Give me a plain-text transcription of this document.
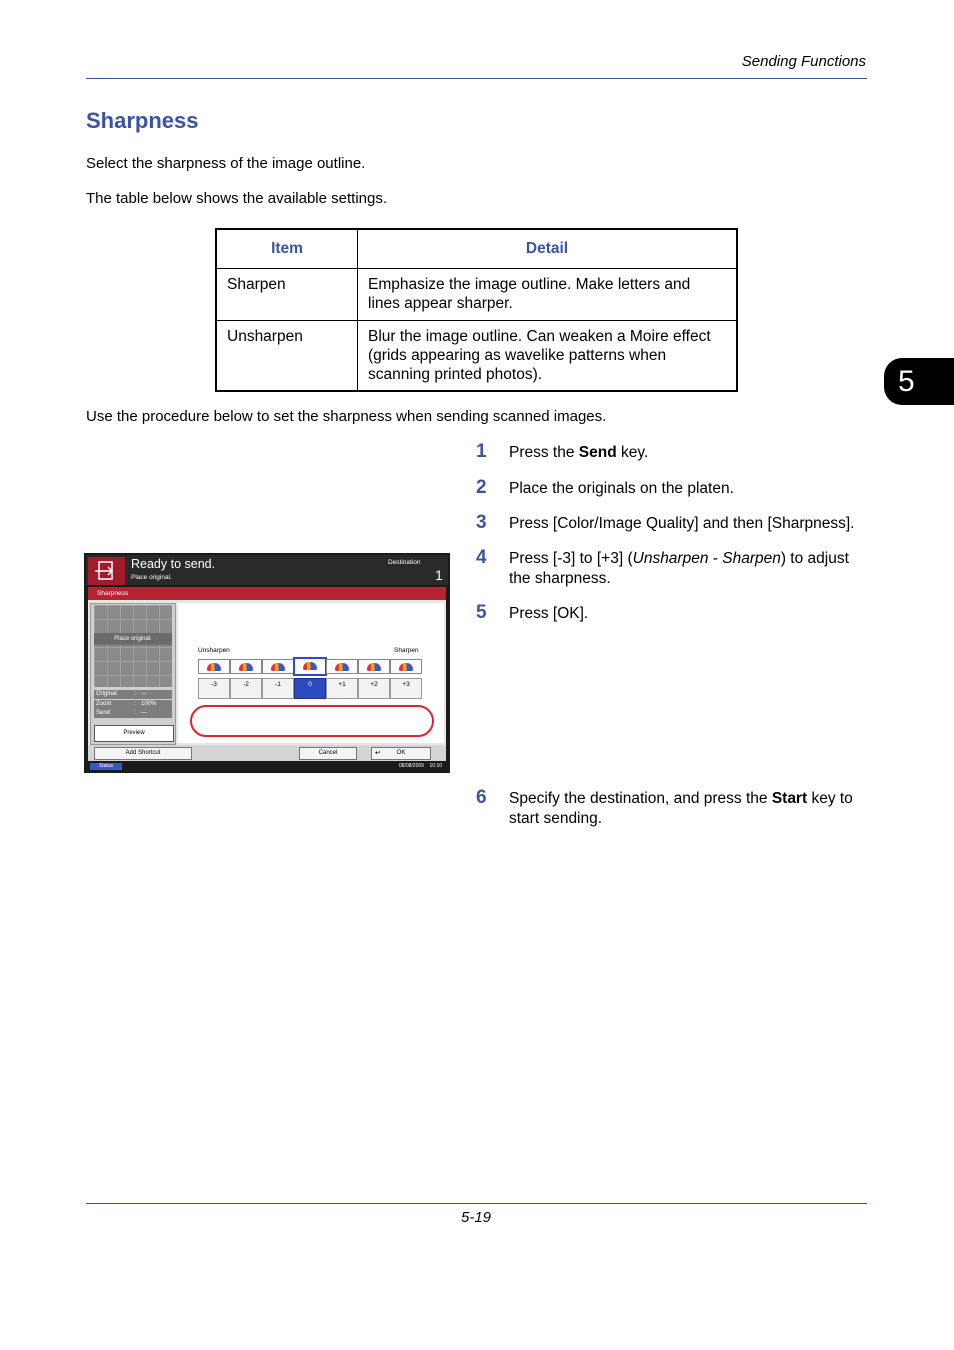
Sending Functions
Sharpness
Select the sharpness of the image outline.
The table below shows the available settings.
Item	Detail
Sharpen	Emphasize the image outline. Make letters and lines appear sharper.
Unsharpen	Blur the image outline. Can weaken a Moire effect (grids appearing as wavelike patterns when scanning printed photos).	5
Use the procedure below to set the sharpness when sending scanned images.
1 Press the Send key.
2 Place the originals on the platen.
3 Press [Color/Image Quality] and then [Sharpness].
4 Press [-3] to [+3] (Unsharpen - Sharpen) to adjust the sharpness.
5 Press [OK].
6 Specify the destination, and press the Start key to start sending.
Ready to send.
Place original.
Destination
1
Sharpness
Place original.
Original	: ---
Zoom	: 100%
Send	: ---
Preview
Unsharpen	Sharpen
-3	-2	-1	0	+1	+2	+3
Add Shortcut	Cancel	↵	OK
Status	08/08/2009    10:10
5-19
